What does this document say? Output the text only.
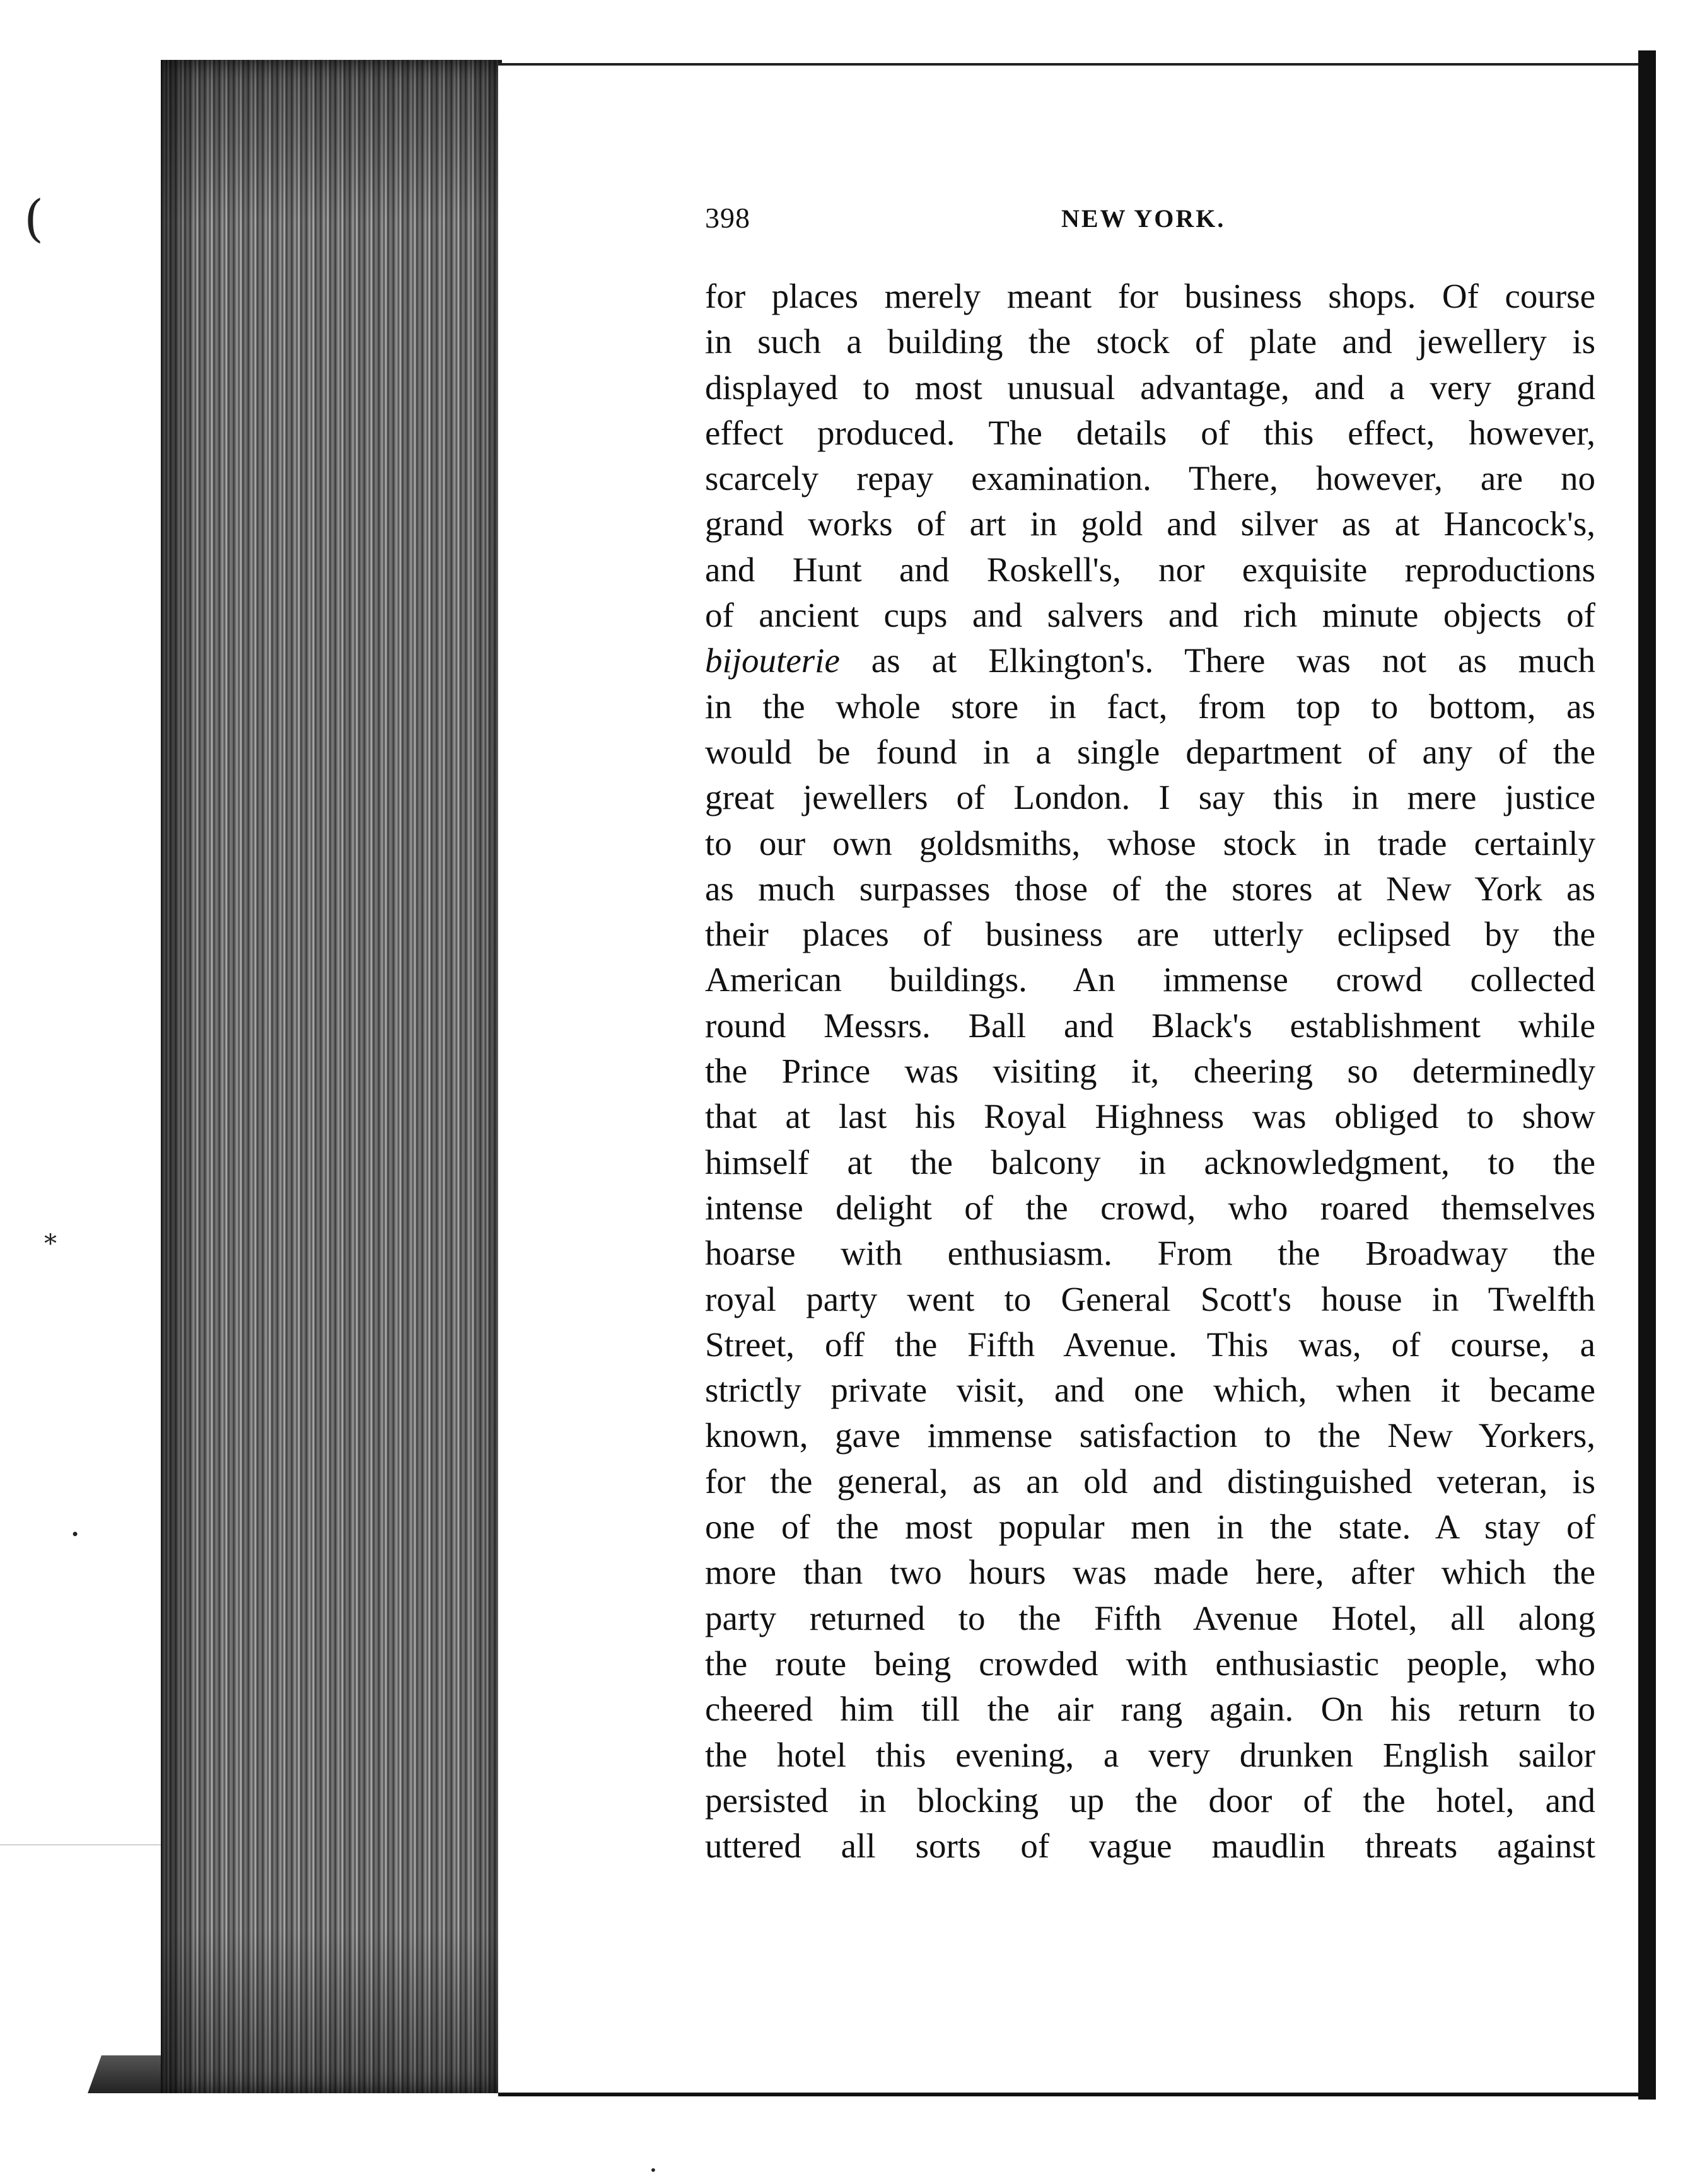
(
*
•
•
398	NEW YORK.
for places merely meant for business shops. Of course
in such a building the stock of plate and jewellery is
displayed to most unusual advantage, and a very grand
effect produced. The details of this effect, however,
scarcely repay examination. There, however, are no
grand works of art in gold and silver as at Hancock's,
and Hunt and Roskell's, nor exquisite reproductions
of ancient cups and salvers and rich minute objects of
bijouterie as at Elkington's. There was not as much
in the whole store in fact, from top to bottom, as
would be found in a single department of any of the
great jewellers of London. I say this in mere justice
to our own goldsmiths, whose stock in trade certainly
as much surpasses those of the stores at New York as
their places of business are utterly eclipsed by the
American buildings. An immense crowd collected
round Messrs. Ball and Black's establishment while
the Prince was visiting it, cheering so determinedly
that at last his Royal Highness was obliged to show
himself at the balcony in acknowledgment, to the
intense delight of the crowd, who roared themselves
hoarse with enthusiasm. From the Broadway the
royal party went to General Scott's house in Twelfth
Street, off the Fifth Avenue. This was, of course, a
strictly private visit, and one which, when it became
known, gave immense satisfaction to the New Yorkers,
for the general, as an old and distinguished veteran, is
one of the most popular men in the state. A stay of
more than two hours was made here, after which the
party returned to the Fifth Avenue Hotel, all along
the route being crowded with enthusiastic people, who
cheered him till the air rang again. On his return to
the hotel this evening, a very drunken English sailor
persisted in blocking up the door of the hotel, and
uttered all sorts of vague maudlin threats against
